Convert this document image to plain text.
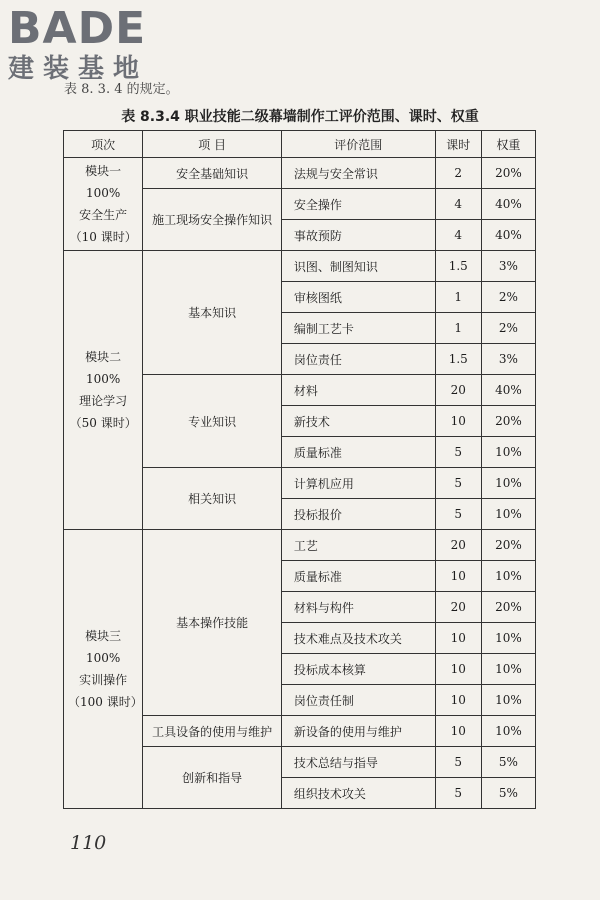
BADE
建装基地
表 8. 3. 4 的规定。
表 8.3.4 职业技能二级幕墙制作工评价范围、课时、权重
项次	项 目	评价范围	课时	权重

模块一 100%
安全生产
（10 课时）	安全基础知识	法规与安全常识	2	20%
	施工现场安全操作知识	安全操作	4	40%
		事故预防	4	40%

模块二 100%
理论学习
（50 课时）	基本知识	识图、制图知识	1.5	3%
		审核图纸	1	2%
		编制工艺卡	1	2%
		岗位责任	1.5	3%
	专业知识	材料	20	40%
		新技术	10	20%
		质量标准	5	10%
	相关知识	计算机应用	5	10%
		投标报价	5	10%

模块三 100%
实训操作
（100 课时）	基本操作技能	工艺	20	20%
		质量标准	10	10%
		材料与构件	20	20%
		技术难点及技术攻关	10	10%
		投标成本核算	10	10%
		岗位责任制	10	10%
	工具设备的使用与维护	新设备的使用与维护	10	10%
	创新和指导	技术总结与指导	5	5%
		组织技术攻关	5	5%
110
